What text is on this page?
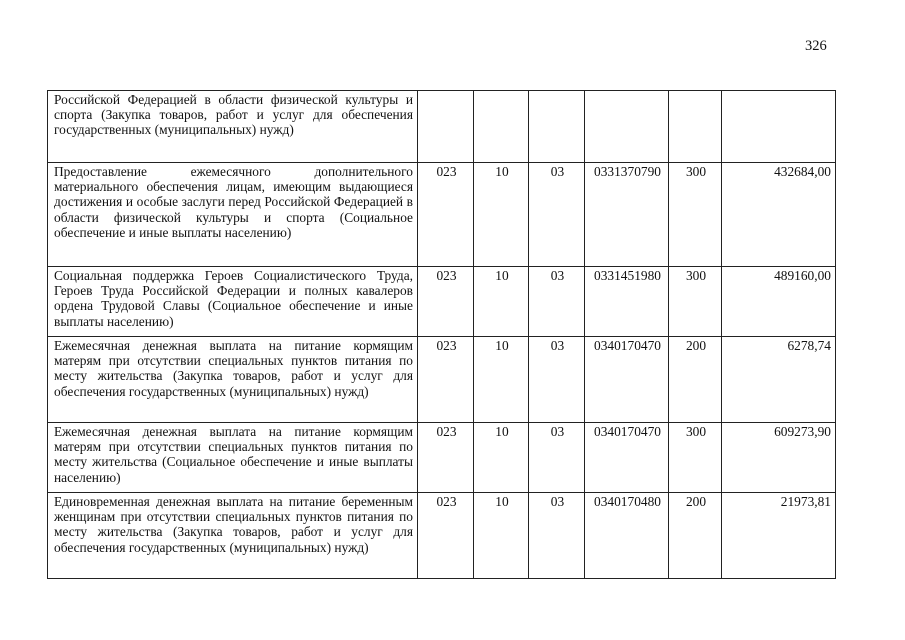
326
Российской Федерацией в области физической культуры и спорта (Закупка товаров, работ и услуг для обеспечения государственных (муниципальных) нужд)						
Предоставление ежемесячного дополнительного материального обеспечения лицам, имеющим выдающиеся достижения и особые заслуги перед Российской Федерацией в области физической культуры и спорта (Социальное обеспечение и иные выплаты населению)	023	10	03	0331370790	300	432684,00
Социальная поддержка Героев Социалистического Труда, Героев Труда Российской Федерации и полных кавалеров ордена Трудовой Славы (Социальное обеспечение и иные выплаты населению)	023	10	03	0331451980	300	489160,00
Ежемесячная денежная выплата на питание кормящим матерям при отсутствии специальных пунктов питания по месту жительства (Закупка товаров, работ и услуг для обеспечения государственных (муниципальных) нужд)	023	10	03	0340170470	200	6278,74
Ежемесячная денежная выплата на питание кормящим матерям при отсутствии специальных пунктов питания по месту жительства (Социальное обеспечение и иные выплаты населению)	023	10	03	0340170470	300	609273,90
Единовременная денежная выплата на питание беременным женщинам при отсутствии специальных пунктов питания по месту жительства (Закупка товаров, работ и услуг для обеспечения государственных (муниципальных) нужд)	023	10	03	0340170480	200	21973,81
